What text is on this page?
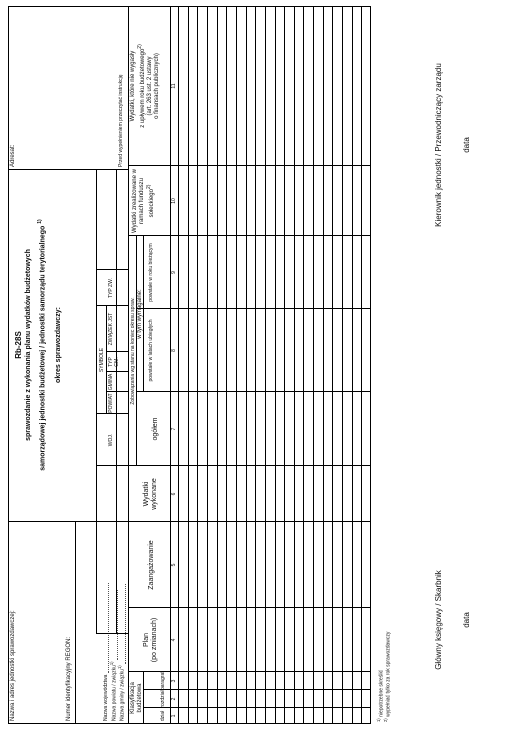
Nazwa i adres jednostki sprawozdawczej:
Adresat:
Rb-28S sprawozdanie z wykonania planu wydatków budżetowych	samorządowej jednostki budżetowej / jednostki samorządu terytorialnego $^{1)}$
okres sprawozdawczy:
Numer identyfikacyjny REGON:	Nazwa województwa Nazwa powiatu / związku$^{1)}$
Nazwa gminy / związku$^{1)}$
SYMBOLE
WOJ.
POWIAT
GMINA
TYP GM.
ZWIĄZEK JST
TYP ZW.
Przed wypełnieniem przeczytać instrukcję
Klasyfikacja budżetowa
dział
rozdział
paragraf
Plan (po zmianach)
Zaangażowanie
Wydatki wykonane
Zobowiązania wg stanu na koniec okresu spraw.
ogółem
w tym wymagalne:
powstałe w latach ubiegłych
powstałe w roku bieżącym
Wydatki zrealizowane w ramach funduszu sołeckiego$^{2)}$
Wydatki, które nie wygasły z upływem roku budżetowego$^{2)}$
(art. 263 ust. 2 ustawy o finansach publicznych)
1
2
3
4
5
6
7
8
9
10
11
$^{1)}$ niepotrzebne skreślić
$^{2)}$ wypełniać tylko za rok sprawozdawczy
Główny księgowy / Skarbnik data
Kierownik jednostki / Przewodniczący zarządu data
